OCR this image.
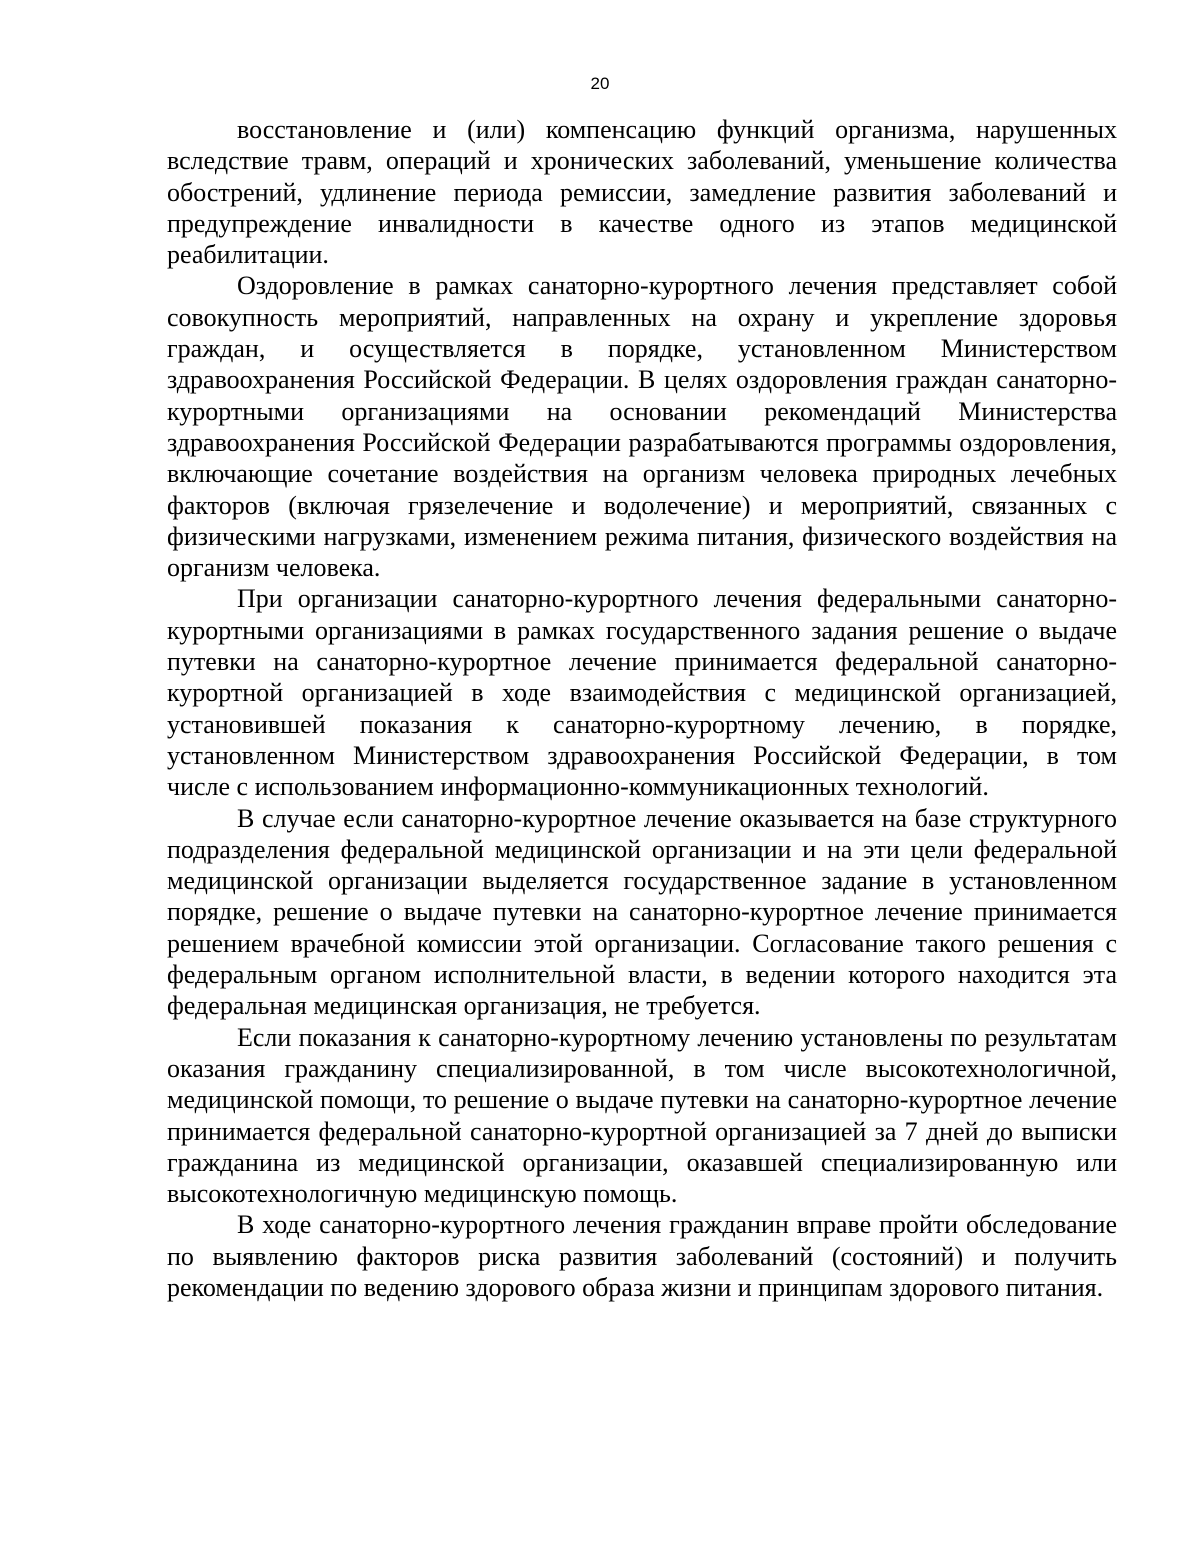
20

восстановление и (или) компенсацию функций организма, нарушенных вследствие травм, операций и хронических заболеваний, уменьшение количества обострений, удлинение периода ремиссии, замедление развития заболеваний и предупреждение инвалидности в качестве одного из этапов медицинской реабилитации.

Оздоровление в рамках санаторно-курортного лечения представляет собой совокупность мероприятий, направленных на охрану и укрепление здоровья граждан, и осуществляется в порядке, установленном Министерством здравоохранения Российской Федерации. В целях оздоровления граждан санаторно-курортными организациями на основании рекомендаций Министерства здравоохранения Российской Федерации разрабатываются программы оздоровления, включающие сочетание воздействия на организм человека природных лечебных факторов (включая грязелечение и водолечение) и мероприятий, связанных с физическими нагрузками, изменением режима питания, физического воздействия на организм человека.

При организации санаторно-курортного лечения федеральными санаторно-курортными организациями в рамках государственного задания решение о выдаче путевки на санаторно-курортное лечение принимается федеральной санаторно-курортной организацией в ходе взаимодействия с медицинской организацией, установившей показания к санаторно-курортному лечению, в порядке, установленном Министерством здравоохранения Российской Федерации, в том числе с использованием информационно-коммуникационных технологий.

В случае если санаторно-курортное лечение оказывается на базе структурного подразделения федеральной медицинской организации и на эти цели федеральной медицинской организации выделяется государственное задание в установленном порядке, решение о выдаче путевки на санаторно-курортное лечение принимается решением врачебной комиссии этой организации. Согласование такого решения с федеральным органом исполнительной власти, в ведении которого находится эта федеральная медицинская организация, не требуется.

Если показания к санаторно-курортному лечению установлены по результатам оказания гражданину специализированной, в том числе высокотехнологичной, медицинской помощи, то решение о выдаче путевки на санаторно-курортное лечение принимается федеральной санаторно-курортной организацией за 7 дней до выписки гражданина из медицинской организации, оказавшей специализированную или высокотехнологичную медицинскую помощь.

В ходе санаторно-курортного лечения гражданин вправе пройти обследование по выявлению факторов риска развития заболеваний (состояний) и получить рекомендации по ведению здорового образа жизни и принципам здорового питания.
